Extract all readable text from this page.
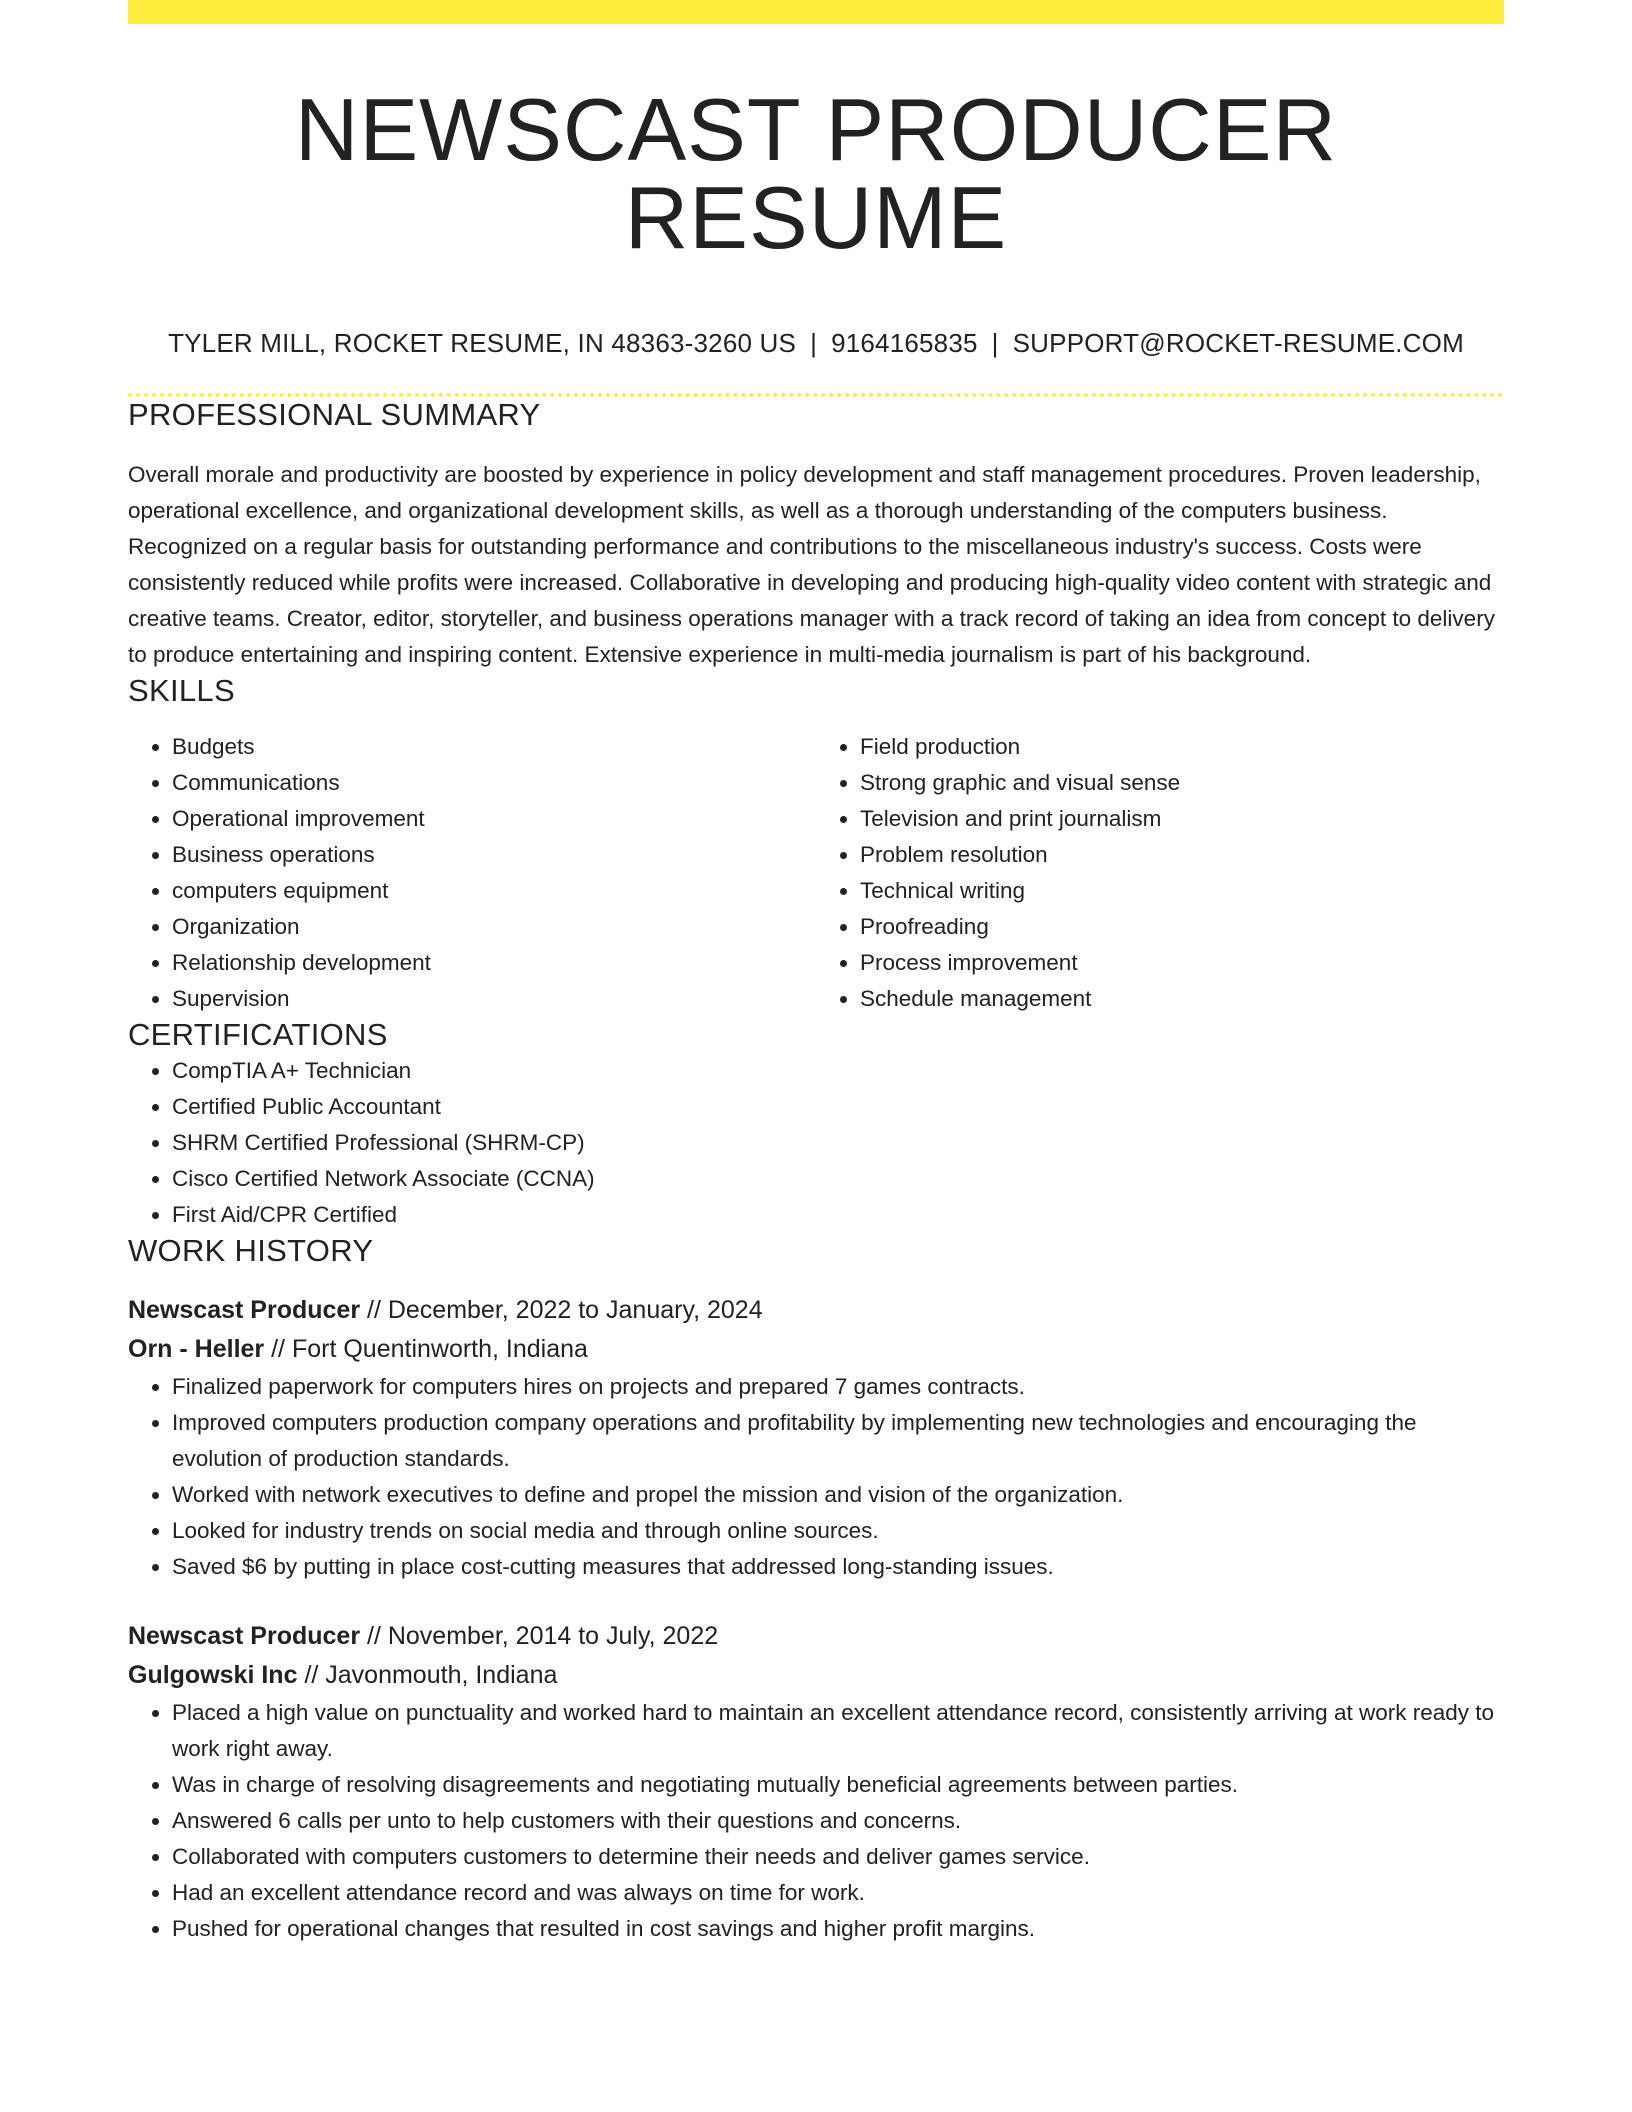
NEWSCAST PRODUCER RESUME
TYLER MILL, ROCKET RESUME, IN 48363-3260 US | 9164165835 | SUPPORT@ROCKET-RESUME.COM
PROFESSIONAL SUMMARY

Overall morale and productivity are boosted by experience in policy development and staff management procedures. Proven leadership, operational excellence, and organizational development skills, as well as a thorough understanding of the computers business. Recognized on a regular basis for outstanding performance and contributions to the miscellaneous industry's success. Costs were consistently reduced while profits were increased. Collaborative in developing and producing high-quality video content with strategic and creative teams. Creator, editor, storyteller, and business operations manager with a track record of taking an idea from concept to delivery to produce entertaining and inspiring content. Extensive experience in multi-media journalism is part of his background.

SKILLS
• Budgets
• Communications
• Operational improvement
• Business operations
• computers equipment
• Organization
• Relationship development
• Supervision
• Field production
• Strong graphic and visual sense
• Television and print journalism
• Problem resolution
• Technical writing
• Proofreading
• Process improvement
• Schedule management
CERTIFICATIONS
• CompTIA A+ Technician
• Certified Public Accountant
• SHRM Certified Professional (SHRM-CP)
• Cisco Certified Network Associate (CCNA)
• First Aid/CPR Certified
WORK HISTORY
Newscast Producer // December, 2022 to January, 2024
Orn - Heller // Fort Quentinworth, Indiana
• Finalized paperwork for computers hires on projects and prepared 7 games contracts.
• Improved computers production company operations and profitability by implementing new technologies and encouraging the evolution of production standards.
• Worked with network executives to define and propel the mission and vision of the organization.
• Looked for industry trends on social media and through online sources.
• Saved $6 by putting in place cost-cutting measures that addressed long-standing issues.
Newscast Producer // November, 2014 to July, 2022
Gulgowski Inc // Javonmouth, Indiana
• Placed a high value on punctuality and worked hard to maintain an excellent attendance record, consistently arriving at work ready to work right away.
• Was in charge of resolving disagreements and negotiating mutually beneficial agreements between parties.
• Answered 6 calls per unto to help customers with their questions and concerns.
• Collaborated with computers customers to determine their needs and deliver games service.
• Had an excellent attendance record and was always on time for work.
• Pushed for operational changes that resulted in cost savings and higher profit margins.
